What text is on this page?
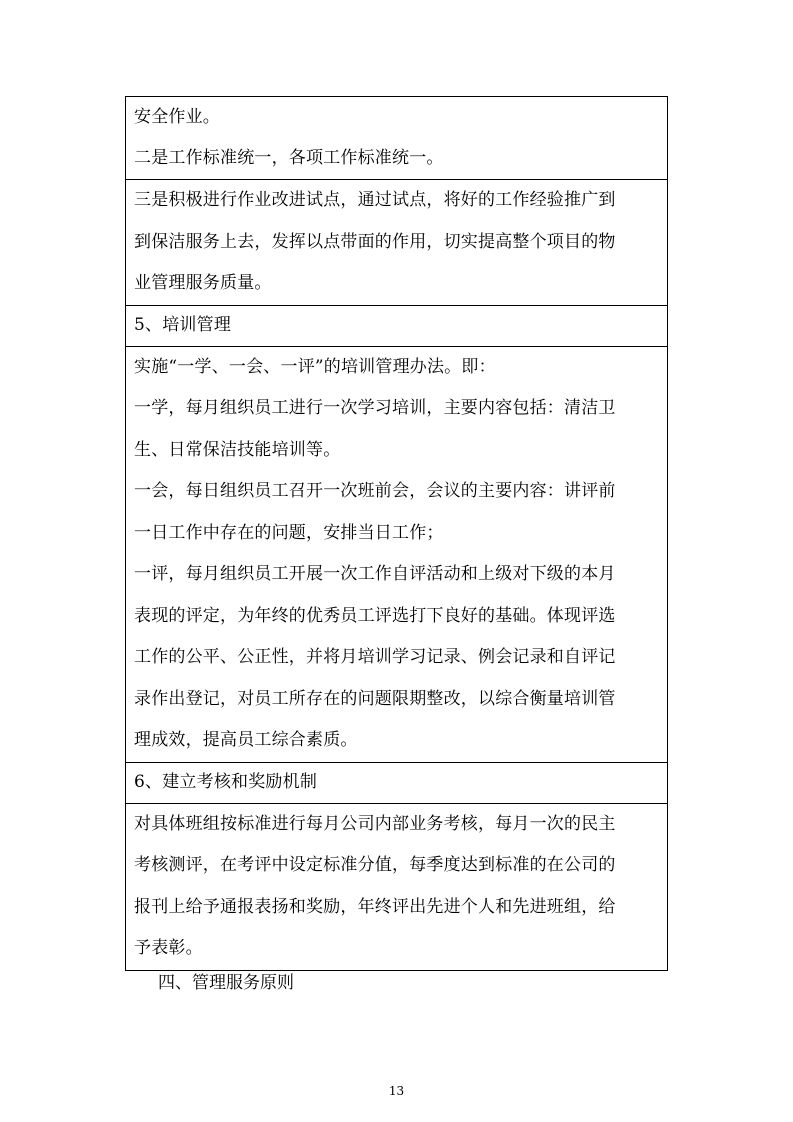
安全作业。
二是工作标准统一，各项工作标准统一。
三是积极进行作业改进试点，通过试点，将好的工作经验推广到
到保洁服务上去，发挥以点带面的作用，切实提高整个项目的物
业管理服务质量。
5、培训管理
实施“一学、一会、一评”的培训管理办法。即：
一学，每月组织员工进行一次学习培训，主要内容包括：清洁卫
生、日常保洁技能培训等。
一会，每日组织员工召开一次班前会，会议的主要内容：讲评前
一日工作中存在的问题，安排当日工作；
一评，每月组织员工开展一次工作自评活动和上级对下级的本月
表现的评定，为年终的优秀员工评选打下良好的基础。体现评选
工作的公平、公正性，并将月培训学习记录、例会记录和自评记
录作出登记，对员工所存在的问题限期整改，以综合衡量培训管
理成效，提高员工综合素质。
6、建立考核和奖励机制
对具体班组按标准进行每月公司内部业务考核，每月一次的民主
考核测评，在考评中设定标准分值，每季度达到标准的在公司的
报刊上给予通报表扬和奖励，年终评出先进个人和先进班组，给
予表彰。
四、管理服务原则
13
